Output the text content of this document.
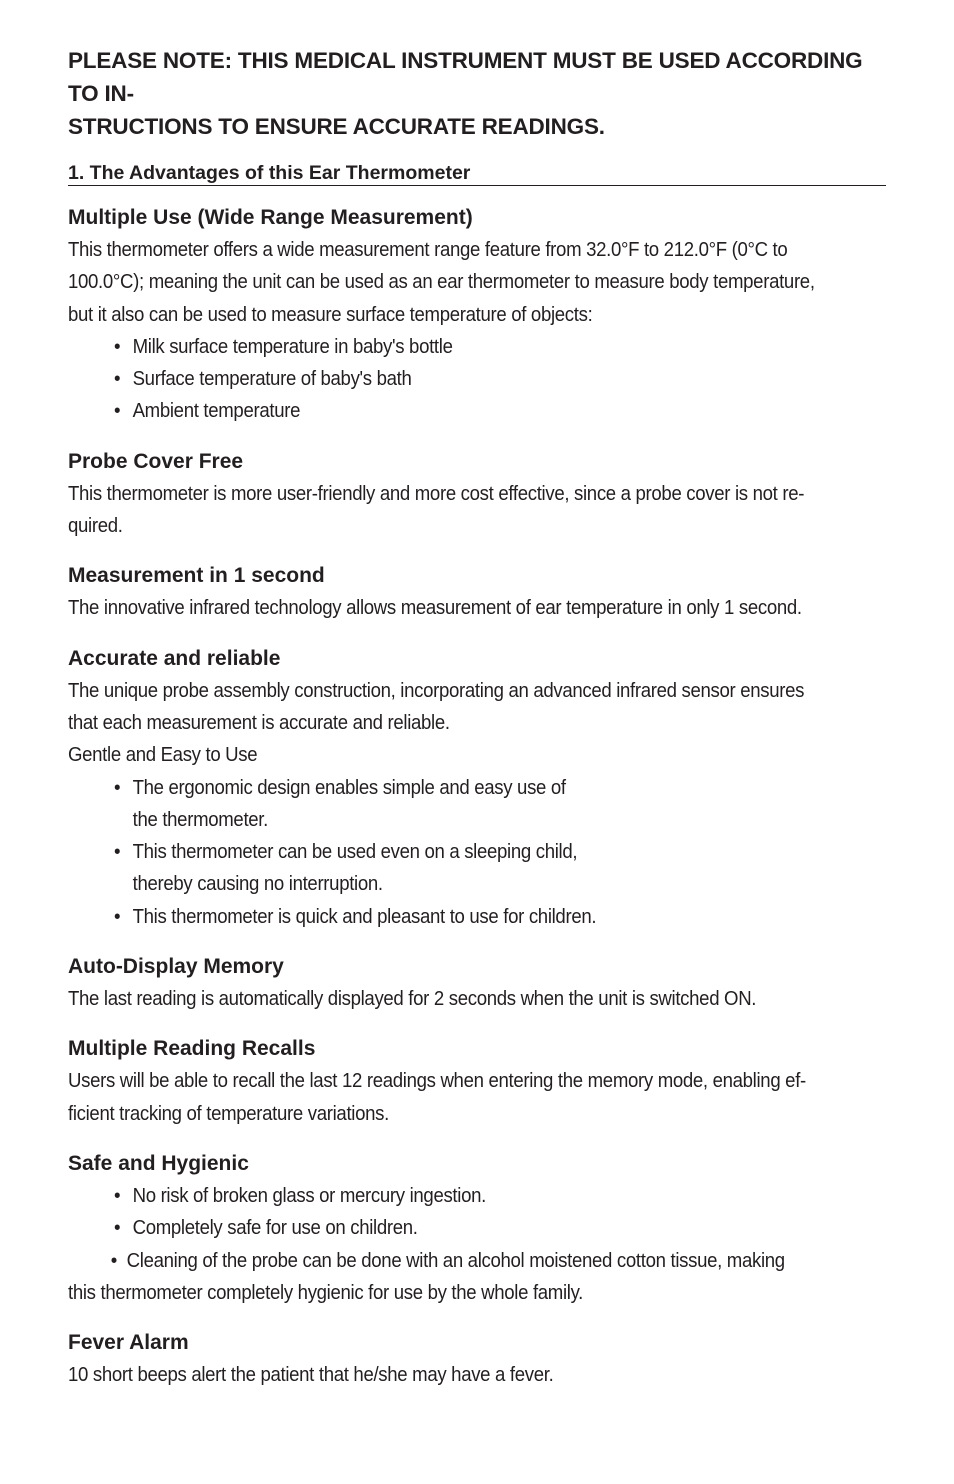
PLEASE NOTE: THIS MEDICAL INSTRUMENT MUST BE USED ACCORDING TO IN-
STRUCTIONS TO ENSURE ACCURATE READINGS.

1. The Advantages of this Ear Thermometer

Multiple Use (Wide Range Measurement)

This thermometer offers a wide measurement range feature from 32.0°F to 212.0°F (0°C to
100.0°C); meaning the unit can be used as an ear thermometer to measure body temperature,
but it also can be used to measure surface temperature of objects:

• Milk surface temperature in baby's bottle
• Surface temperature of baby's bath
• Ambient temperature

Probe Cover Free

This thermometer is more user-friendly and more cost effective, since a probe cover is not re-
quired.

Measurement in 1 second

The innovative infrared technology allows measurement of ear temperature in only 1 second.

Accurate and reliable

The unique probe assembly construction, incorporating an advanced infrared sensor ensures
that each measurement is accurate and reliable.
Gentle and Easy to Use

• The ergonomic design enables simple and easy use of
the thermometer.
• This thermometer can be used even on a sleeping child,
thereby causing no interruption.
• This thermometer is quick and pleasant to use for children.

Auto-Display Memory

The last reading is automatically displayed for 2 seconds when the unit is switched ON.

Multiple Reading Recalls

Users will be able to recall the last 12 readings when entering the memory mode, enabling ef-
ficient tracking of temperature variations.

Safe and Hygienic

• No risk of broken glass or mercury ingestion.
• Completely safe for use on children.

• Cleaning of the probe can be done with an alcohol moistened cotton tissue, making
this thermometer completely hygienic for use by the whole family.

Fever Alarm

10 short beeps alert the patient that he/she may have a fever.
